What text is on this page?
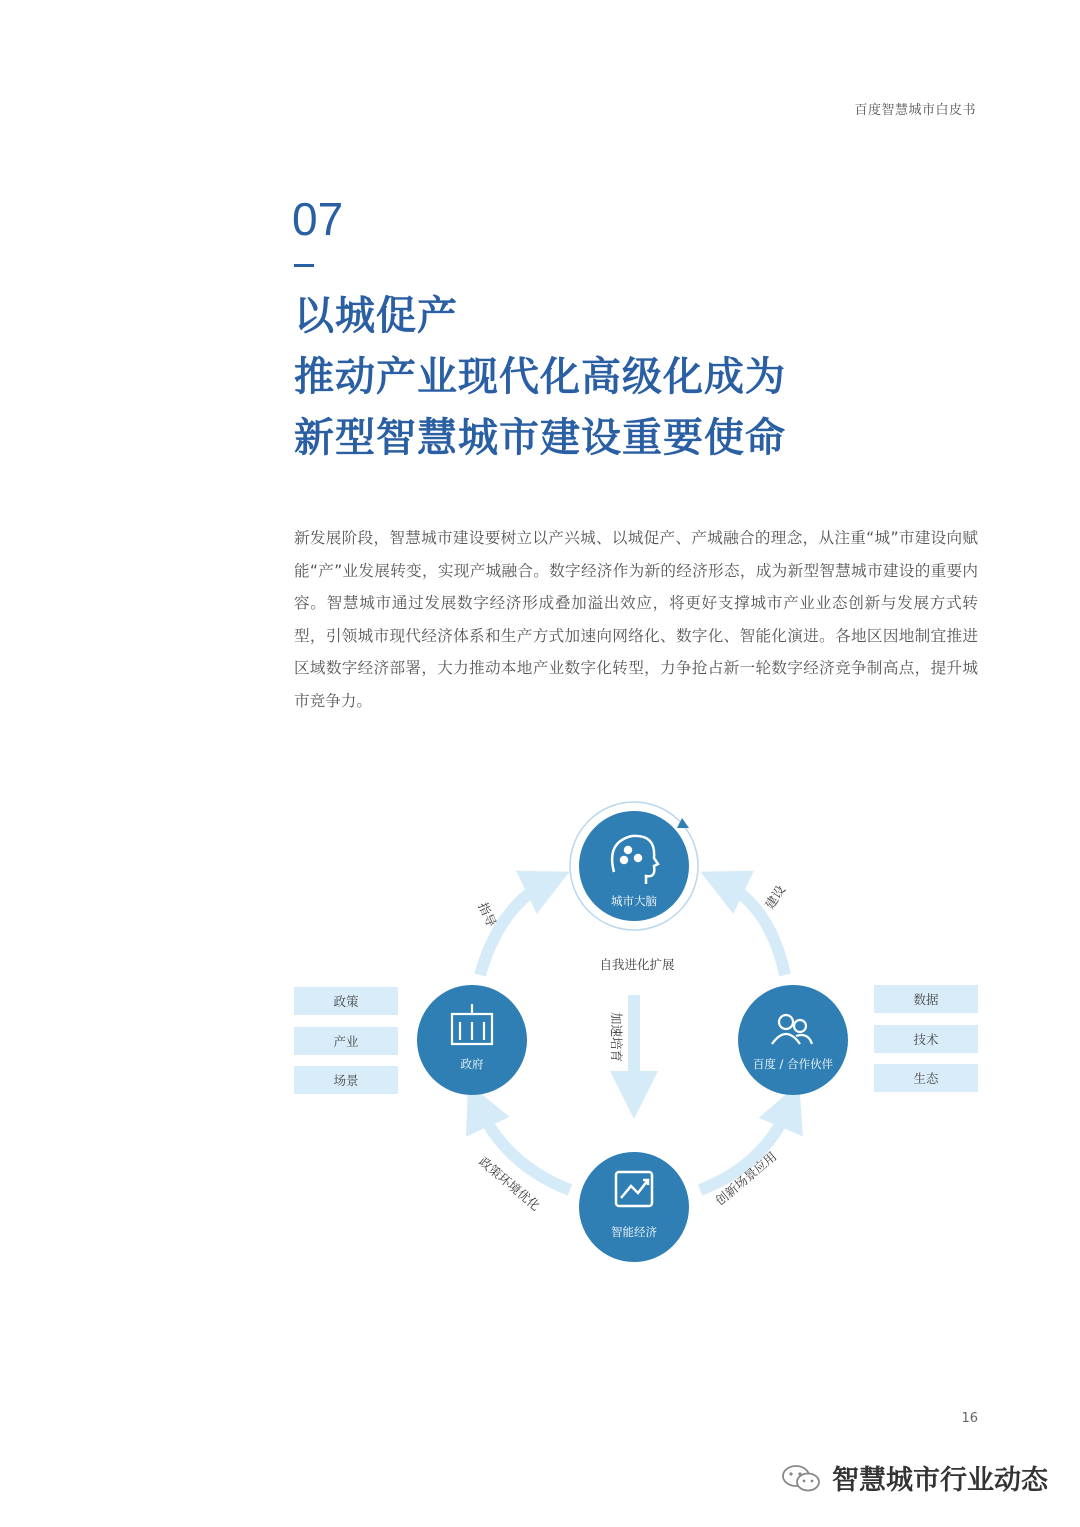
百度智慧城市白皮书
07
以城促产
推动产业现代化高级化成为
新型智慧城市建设重要使命
新发展阶段，智慧城市建设要树立以产兴城、以城促产、产城融合的理念，从注重“城”市建设向赋能“产”业发展转变，实现产城融合。数字经济作为新的经济形态，成为新型智慧城市建设的重要内容。智慧城市通过发展数字经济形成叠加溢出效应，将更好支撑城市产业业态创新与发展方式转型，引领城市现代经济体系和生产方式加速向网络化、数字化、智能化演进。各地区因地制宜推进区域数字经济部署，大力推动本地产业数字化转型，力争抢占新一轮数字经济竞争制高点，提升城市竞争力。
城市大脑
政府	百度 / 合作伙伴
智能经济
自我进化扩展
加速培育
指导
建设
政策环境优化	创新场景应用
政策
产业
场景
数据
技术
生态
16
智慧城市行业动态
